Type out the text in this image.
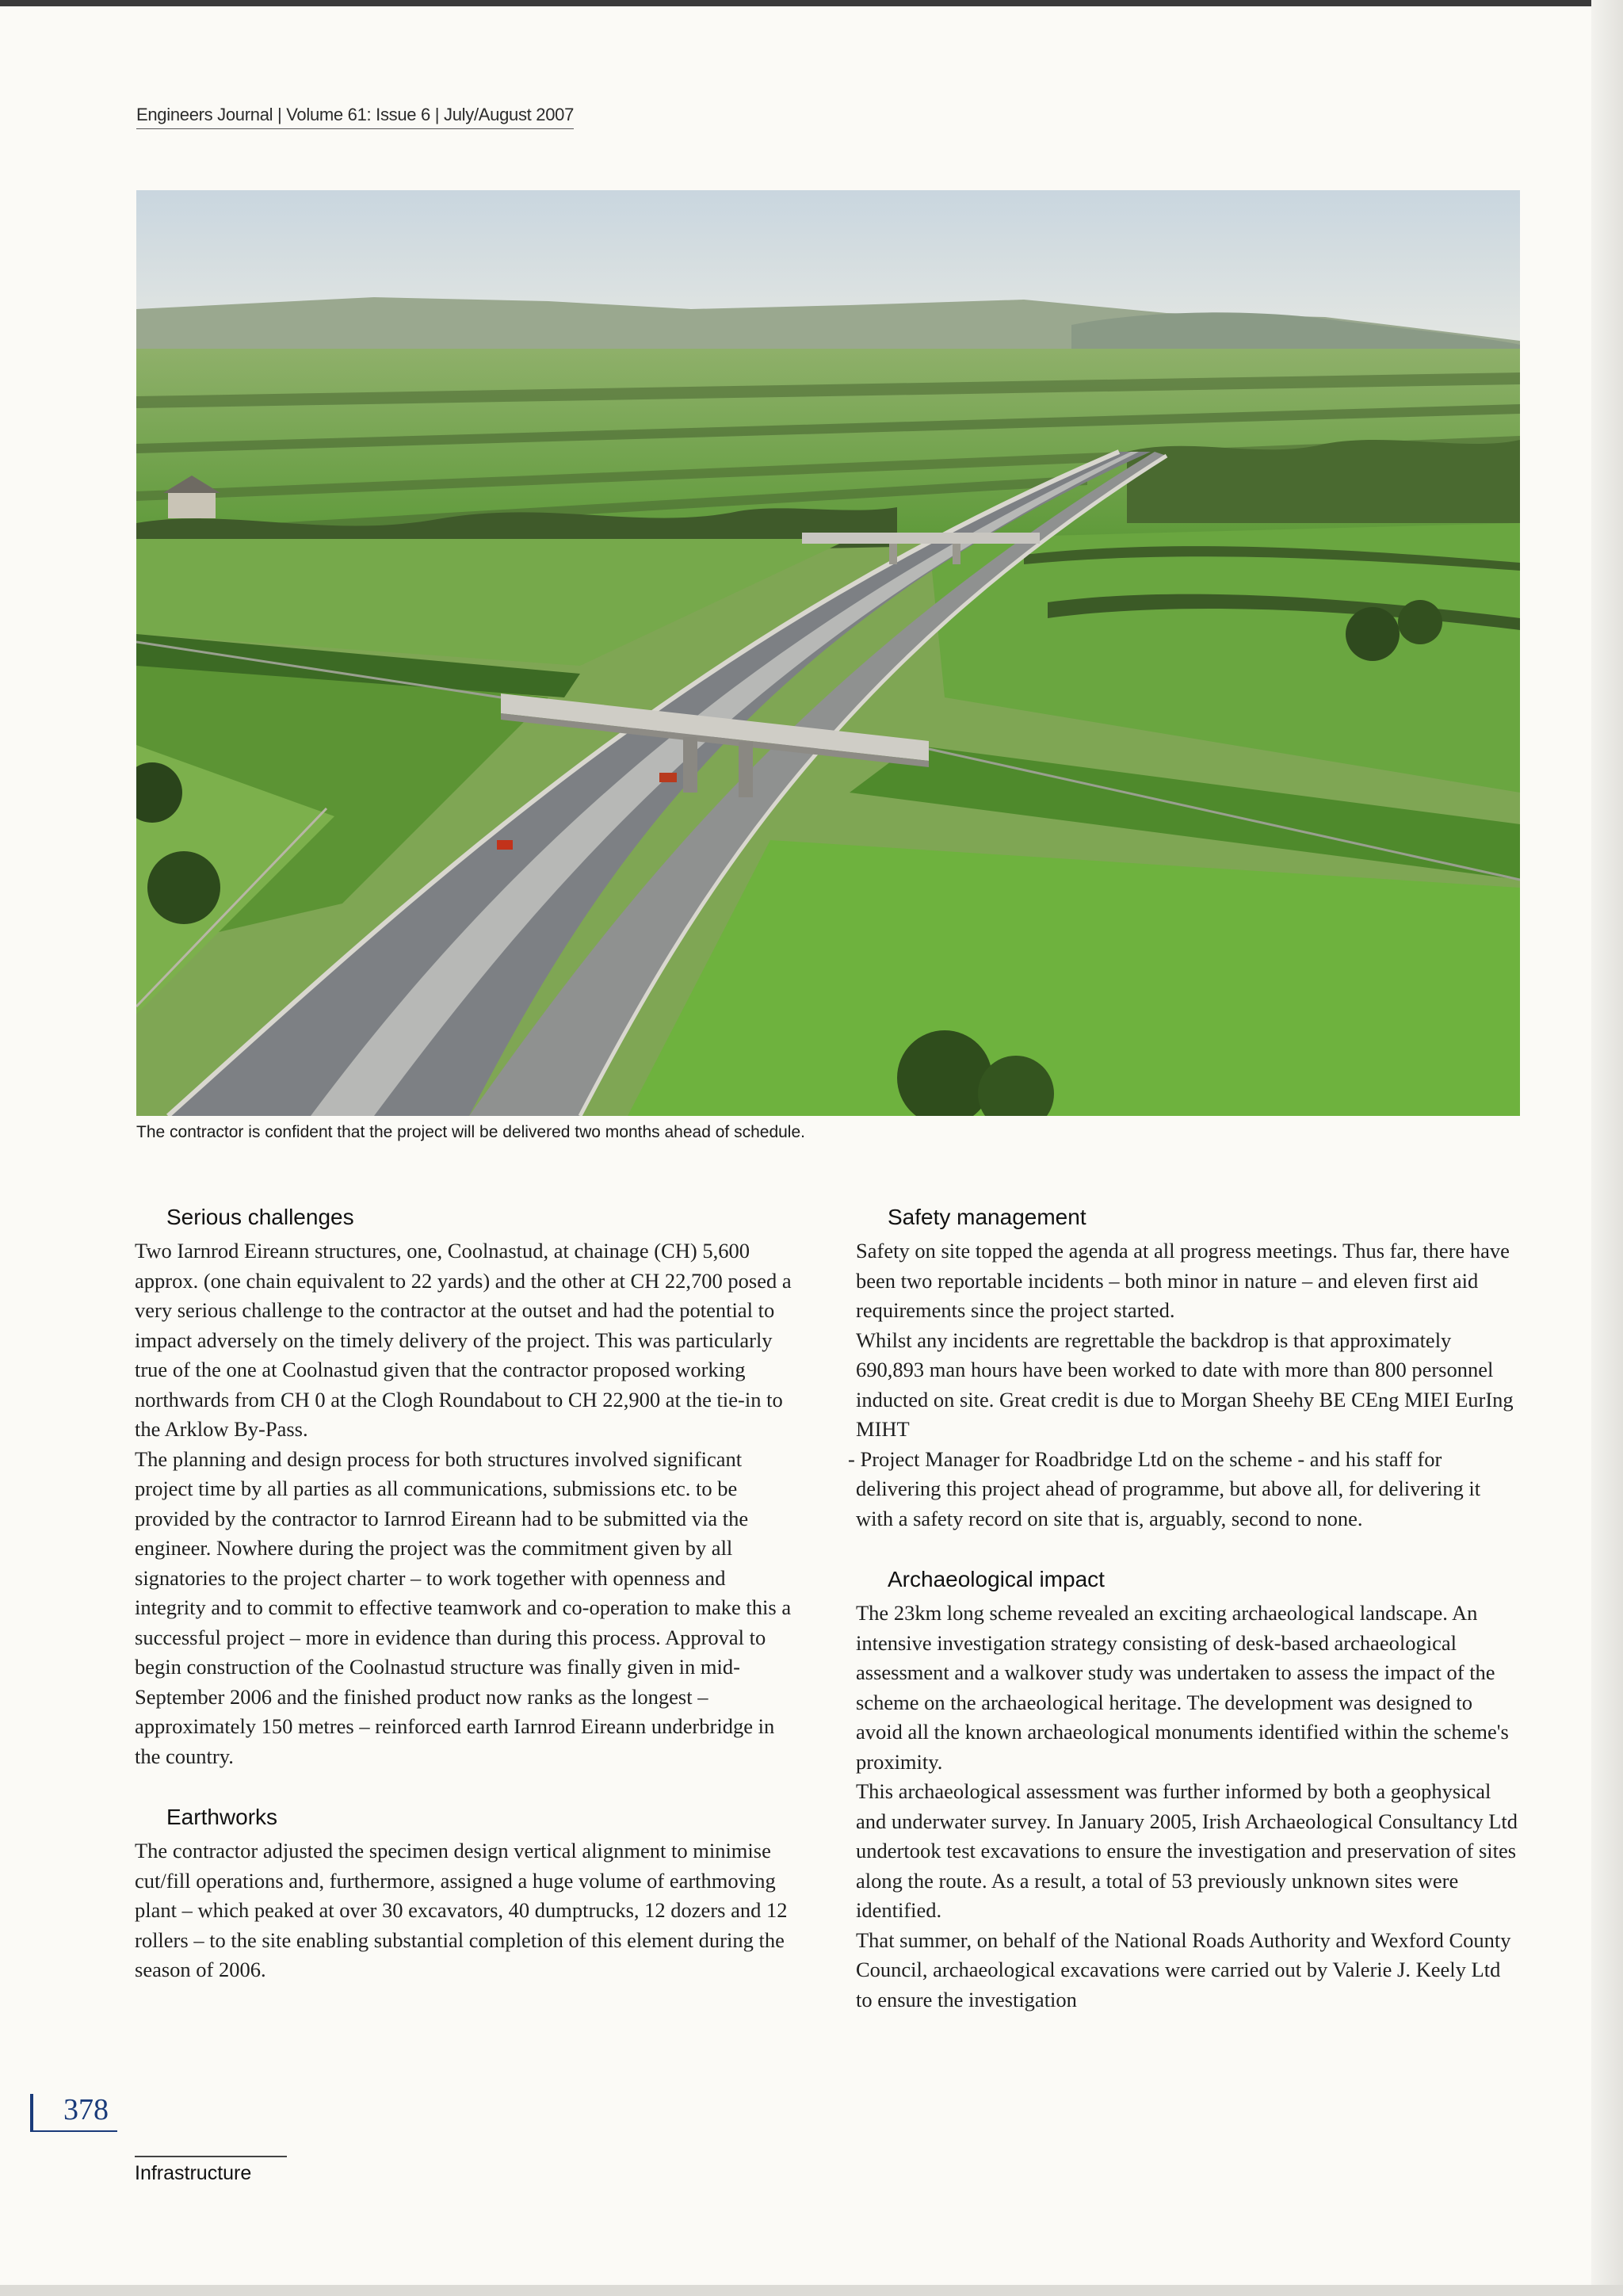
Engineers Journal | Volume 61: Issue 6 | July/August 2007
The contractor is confident that the project will be delivered two months ahead of schedule.
Serious challenges

Two Iarnrod Eireann structures, one, Coolnastud, at chainage (CH) 5,600 approx. (one chain equivalent to 22 yards) and the other at CH 22,700 posed a very serious challenge to the contractor at the outset and had the potential to impact adversely on the timely delivery of the project. This was particularly true of the one at Coolnastud given that the contractor proposed working northwards from CH 0 at the Clogh Roundabout to CH 22,900 at the tie-in to the Arklow By-Pass.

The planning and design process for both structures involved significant project time by all parties as all communications, submissions etc. to be provided by the contractor to Iarnrod Eireann had to be submitted via the engineer. Nowhere during the project was the commitment given by all signatories to the project charter – to work together with openness and integrity and to commit to effective teamwork and co-operation to make this a successful project – more in evidence than during this process. Approval to begin construction of the Coolnastud structure was finally given in mid-September 2006 and the finished product now ranks as the longest – approximately 150 metres – reinforced earth Iarnrod Eireann underbridge in the country.

Earthworks

The contractor adjusted the specimen design vertical alignment to minimise cut/fill operations and, furthermore, assigned a huge volume of earthmoving plant – which peaked at over 30 excavators, 40 dumptrucks, 12 dozers and 12 rollers – to the site enabling substantial completion of this element during the season of 2006.

Safety management

Safety on site topped the agenda at all progress meetings. Thus far, there have been two reportable incidents – both minor in nature – and eleven first aid requirements since the project started.

Whilst any incidents are regrettable the backdrop is that approximately 690,893 man hours have been worked to date with more than 800 personnel inducted on site. Great credit is due to Morgan Sheehy BE CEng MIEI EurIng MIHT

- Project Manager for Roadbridge Ltd on the scheme - and his staff for delivering this project ahead of programme, but above all, for delivering it with a safety record on site that is, arguably, second to none.

Archaeological impact

The 23km long scheme revealed an exciting archaeological landscape. An intensive investigation strategy consisting of desk-based archaeological assessment and a walkover study was undertaken to assess the impact of the scheme on the archaeological heritage. The development was designed to avoid all the known archaeological monuments identified within the scheme's proximity.

This archaeological assessment was further informed by both a geophysical and underwater survey. In January 2005, Irish Archaeological Consultancy Ltd undertook test excavations to ensure the investigation and preservation of sites along the route. As a result, a total of 53 previously unknown sites were identified.

That summer, on behalf of the National Roads Authority and Wexford County Council, archaeological excavations were carried out by Valerie J. Keely Ltd to ensure the investigation

378
Infrastructure
